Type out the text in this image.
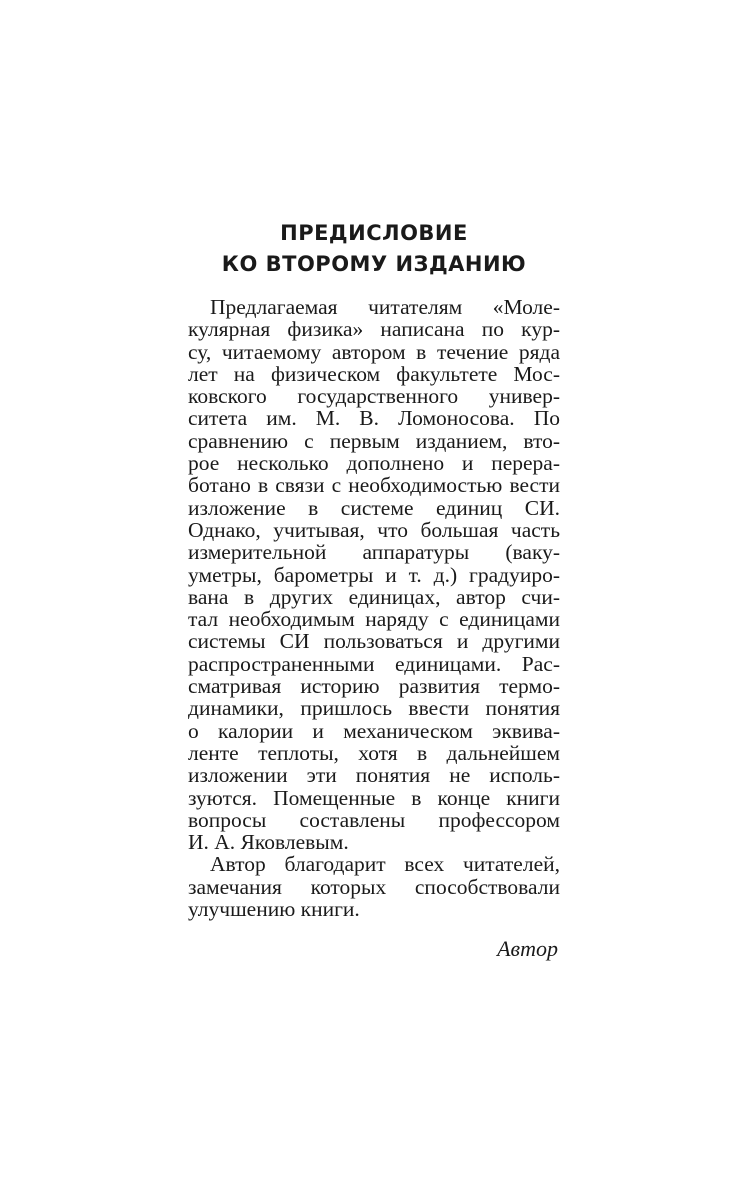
ПРЕДИСЛОВИЕ
КО ВТОРОМУ ИЗДАНИЮ
Предлагаемая читателям «Моле-
кулярная физика» написана по кур-
су, читаемому автором в течение ряда
лет на физическом факультете Мос-
ковского государственного универ-
ситета им. М. В. Ломоносова. По
сравнению с первым изданием, вто-
рое несколько дополнено и перера-
ботано в связи с необходимостью вести
изложение в системе единиц СИ.
Однако, учитывая, что большая часть
измерительной аппаратуры (ваку-
уметры, барометры и т. д.) градуиро-
вана в других единицах, автор счи-
тал необходимым наряду с единицами
системы СИ пользоваться и другими
распространенными единицами. Рас-
сматривая историю развития термо-
динамики, пришлось ввести понятия
о калории и механическом эквива-
ленте теплоты, хотя в дальнейшем
изложении эти понятия не исполь-
зуются. Помещенные в конце книги
вопросы составлены профессором
И. А. Яковлевым.
Автор благодарит всех читателей,
замечания которых способствовали
улучшению книги.
Автор
